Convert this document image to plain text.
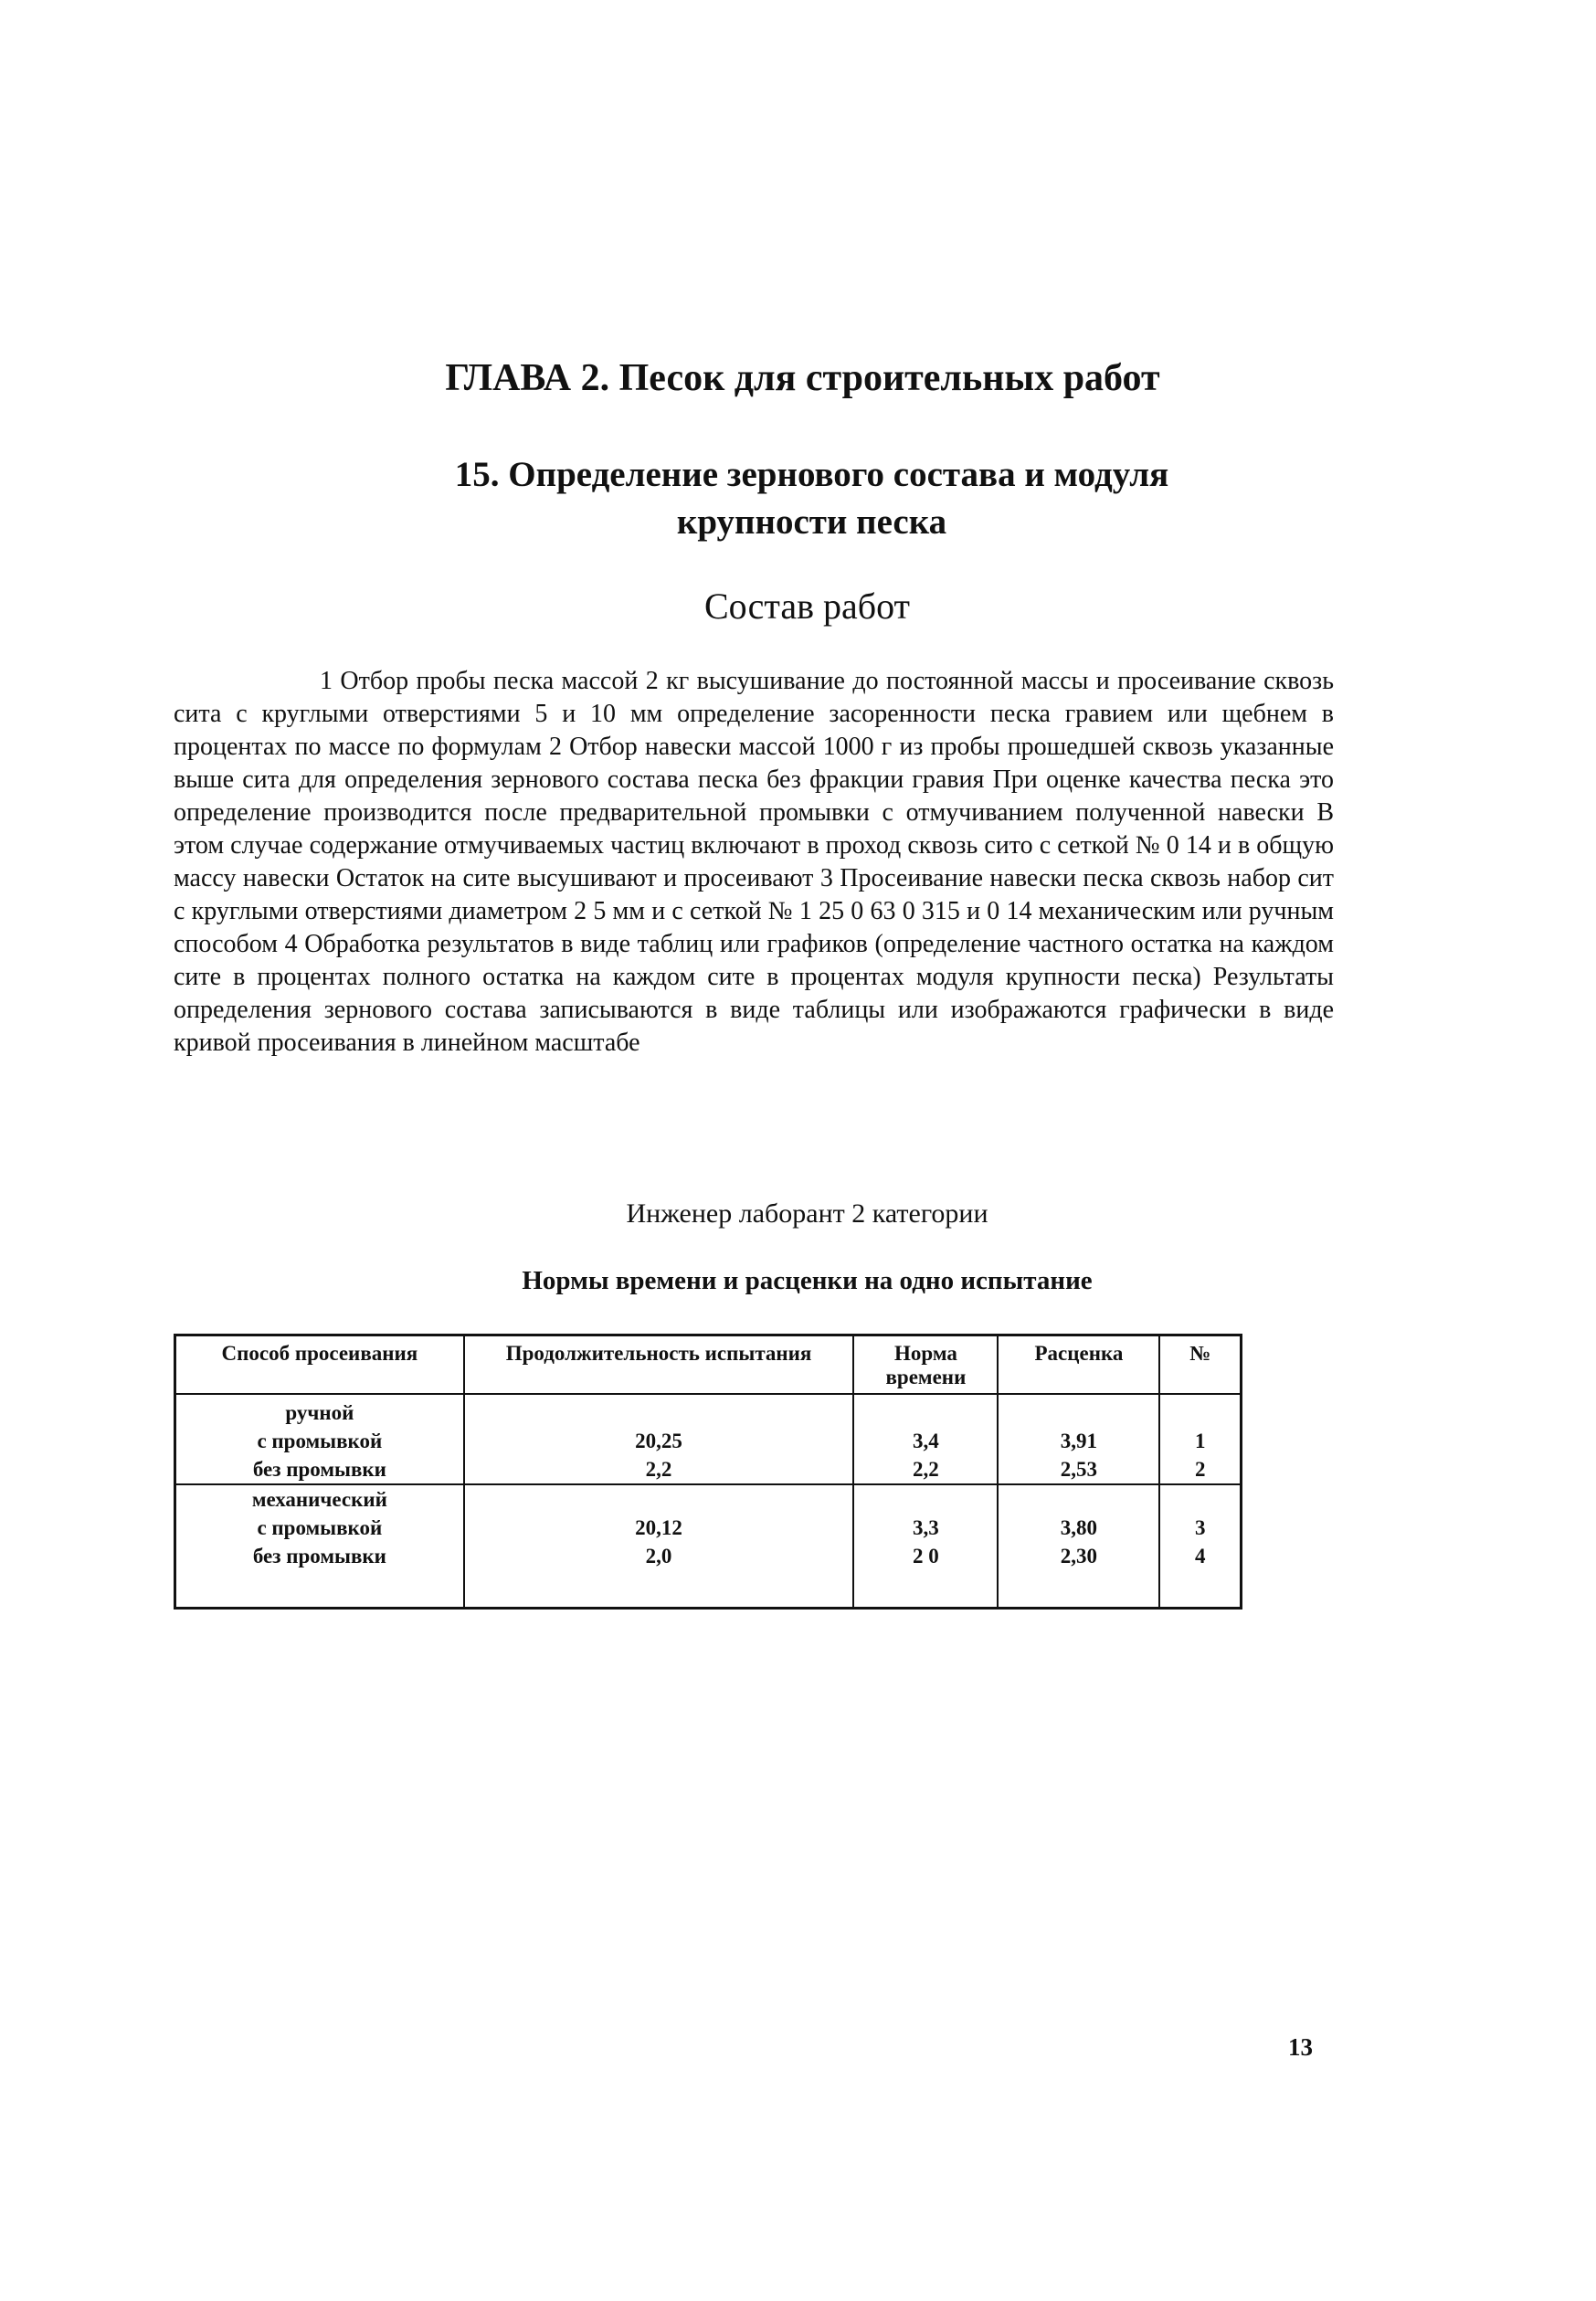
ГЛАВА 2. Песок для строительных работ
15. Определение зернового состава и модуля
крупности песка
Состав работ

1 Отбор пробы песка массой 2 кг высушивание до постоянной массы и просеивание сквозь сита с круглыми отверстиями 5 и 10 мм определение засоренности песка гравием или щебнем в процентах по массе по формулам 2 Отбор навески массой 1000 г из пробы прошедшей сквозь указанные выше сита для определения зернового состава песка без фракции гравия При оценке качества песка это определение производится после предварительной промывки с отмучиванием полученной навески В этом случае содержание отмучиваемых частиц включают в проход сквозь сито с сеткой № 0 14 и в общую массу навески Остаток на сите высушивают и просеивают 3 Просеивание навески песка сквозь набор сит с круглыми отверстиями диаметром 2 5 мм и с сеткой № 1 25 0 63 0 315 и 0 14 механическим или ручным способом 4 Обработка результатов в виде таблиц или графиков (определение частного остатка на каждом сите в процентах полного остатка на каждом сите в процентах модуля крупности песка) Результаты определения зернового состава записываются в виде таблицы или изображаются графически в виде кривой просеивания в линейном масштабе

Инженер лаборант 2 категории

Нормы времени и расценки на одно испытание

Способ просеивания	Продолжительность испытания	Норма времени	Расценка	№
ручной				
с промывкой	20,25	3,4	3,91	1
без промывки	2,2	2,2	2,53	2
механический				
с промывкой	20,12	3,3	3,80	3
без промывки	2,0	2 0	2,30	4

13
